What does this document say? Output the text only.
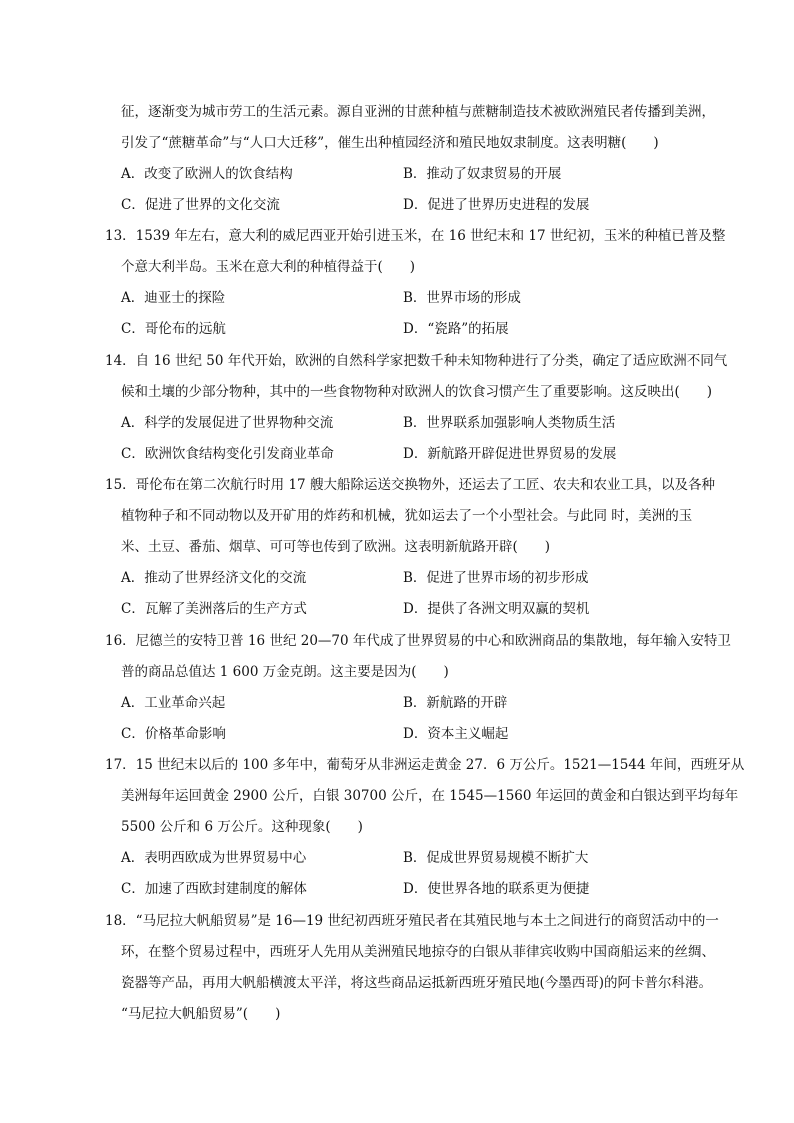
征，逐渐变为城市劳工的生活元素。源自亚洲的甘蔗种植与蔗糖制造技术被欧洲殖民者传播到美洲，
引发了“蔗糖革命”与“人口大迁移”，催生出种植园经济和殖民地奴隶制度。这表明糖(　　)
A．改变了欧洲人的饮食结构	B．推动了奴隶贸易的开展
C．促进了世界的文化交流	D．促进了世界历史进程的发展
13．1539 年左右，意大利的威尼西亚开始引进玉米，在 16 世纪末和 17 世纪初，玉米的种植已普及整
个意大利半岛。玉米在意大利的种植得益于(　　)
A．迪亚士的探险	B．世界市场的形成
C．哥伦布的远航	D．“瓷路”的拓展
14．自 16 世纪 50 年代开始，欧洲的自然科学家把数千种未知物种进行了分类，确定了适应欧洲不同气
候和土壤的少部分物种，其中的一些食物物种对欧洲人的饮食习惯产生了重要影响。这反映出(　　)
A．科学的发展促进了世界物种交流	B．世界联系加强影响人类物质生活
C．欧洲饮食结构变化引发商业革命	D．新航路开辟促进世界贸易的发展
15．哥伦布在第二次航行时用 17 艘大船除运送交换物外，还运去了工匠、农夫和农业工具，以及各种
植物种子和不同动物以及开矿用的炸药和机械，犹如运去了一个小型社会。与此同 时，美洲的玉
米、土豆、番茄、烟草、可可等也传到了欧洲。这表明新航路开辟(　　)
A．推动了世界经济文化的交流	B．促进了世界市场的初步形成
C．瓦解了美洲落后的生产方式	D．提供了各洲文明双赢的契机
16．尼德兰的安特卫普 16 世纪 20—70 年代成了世界贸易的中心和欧洲商品的集散地，每年输入安特卫
普的商品总值达 1 600 万金克朗。这主要是因为(　　)
A．工业革命兴起	B．新航路的开辟
C．价格革命影响	D．资本主义崛起
17．15 世纪末以后的 100 多年中，葡萄牙从非洲运走黄金 27．6 万公斤。1521—1544 年间，西班牙从
美洲每年运回黄金 2900 公斤，白银 30700 公斤，在 1545—1560 年运回的黄金和白银达到平均每年
5500 公斤和 6 万公斤。这种现象(　　)
A．表明西欧成为世界贸易中心	B．促成世界贸易规模不断扩大
C．加速了西欧封建制度的解体	D．使世界各地的联系更为便捷
18．“马尼拉大帆船贸易”是 16—19 世纪初西班牙殖民者在其殖民地与本土之间进行的商贸活动中的一
环，在整个贸易过程中，西班牙人先用从美洲殖民地掠夺的白银从菲律宾收购中国商船运来的丝绸、
瓷器等产品，再用大帆船横渡太平洋，将这些商品运抵新西班牙殖民地(今墨西哥)的阿卡普尔科港。
“马尼拉大帆船贸易”(　　)
